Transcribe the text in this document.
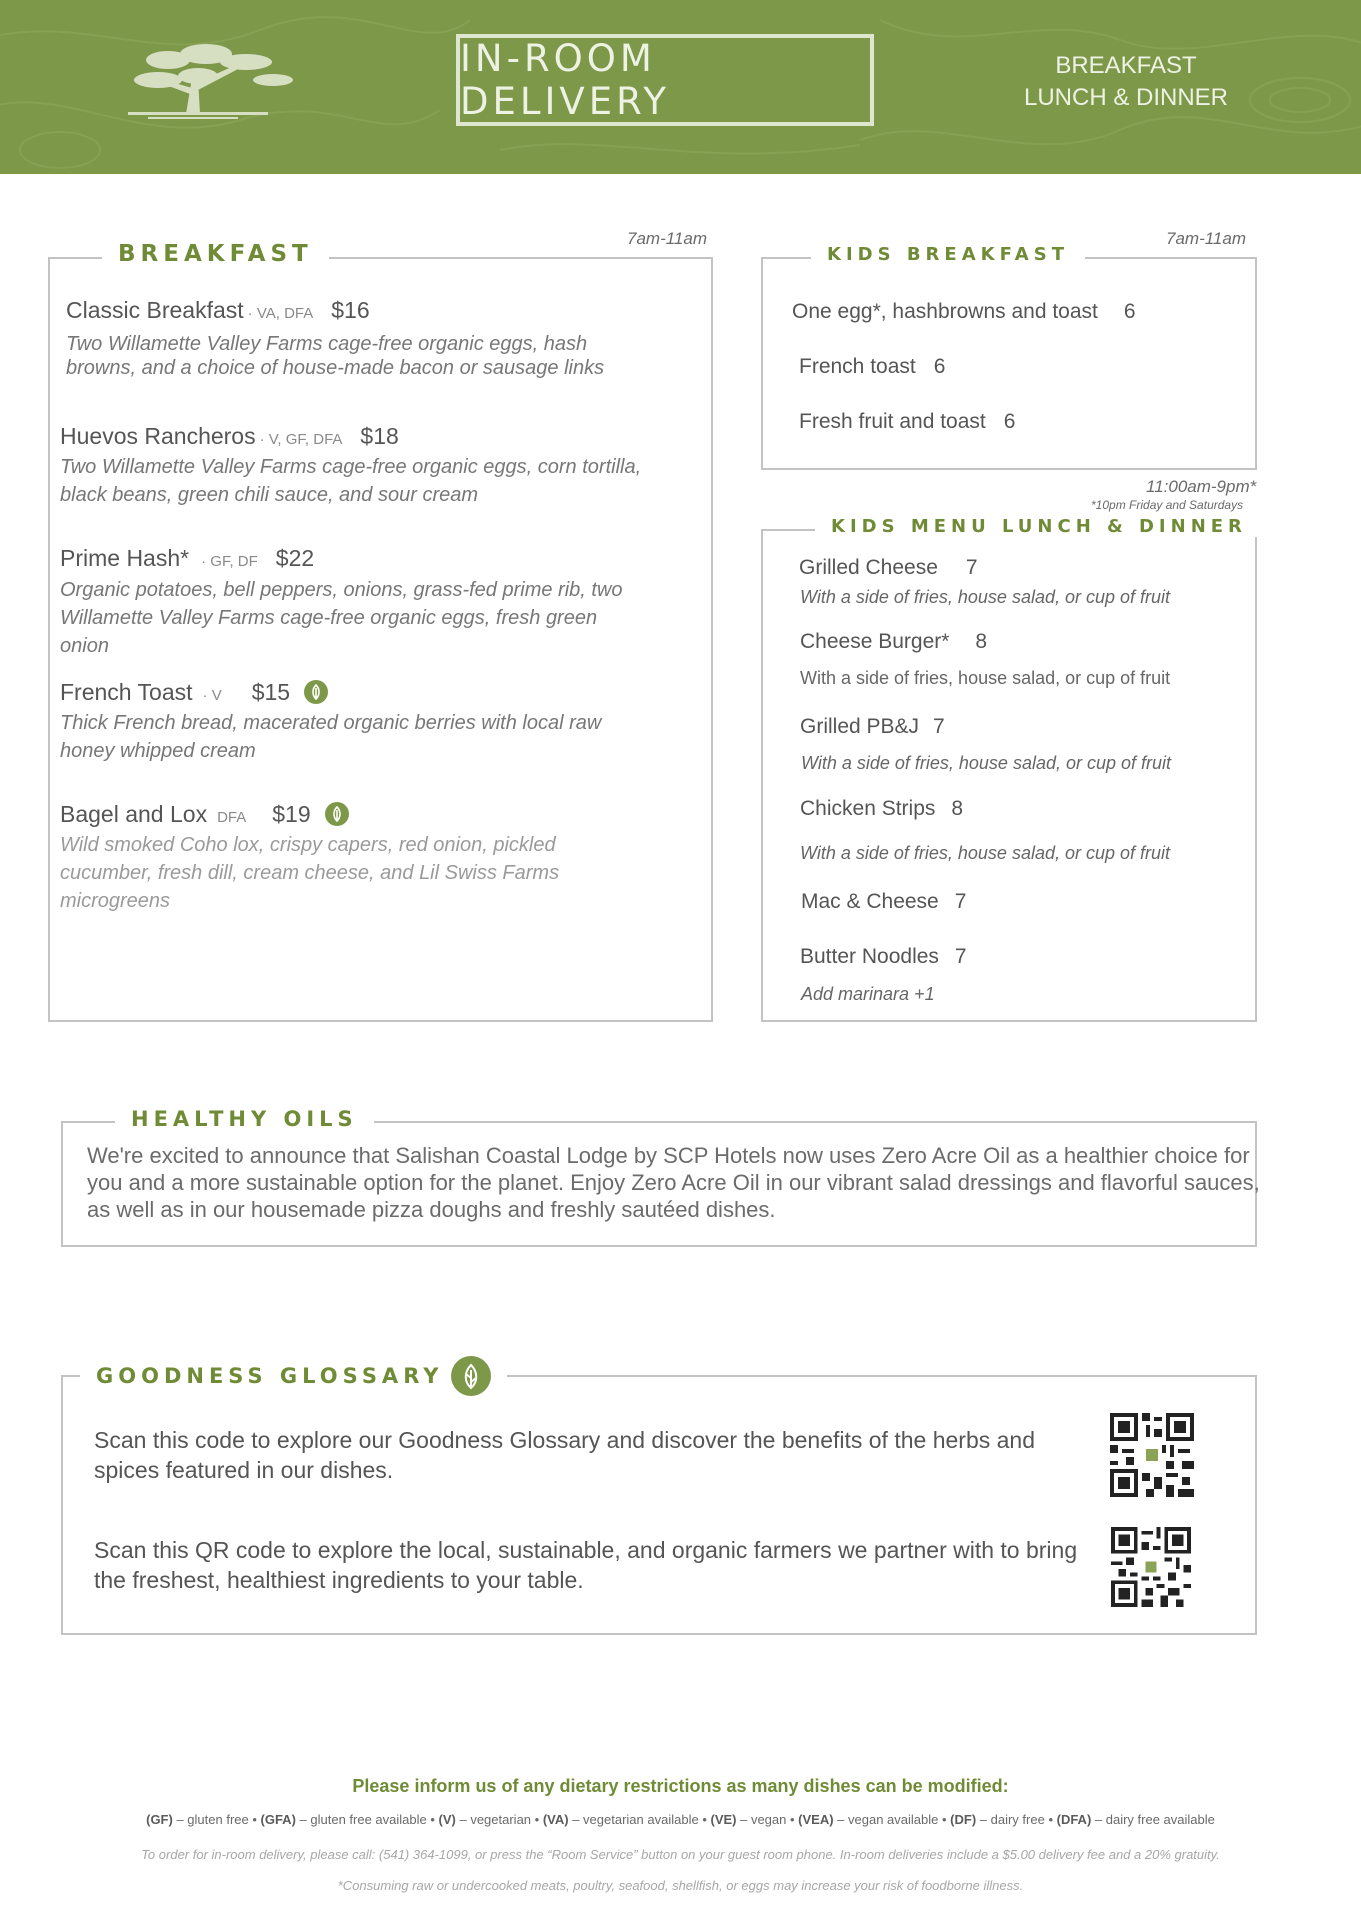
IN-ROOM DELIVERY
BREAKFAST
LUNCH & DINNER
7am-11am
BREAKFAST
Classic Breakfast · VA, DFA $16
Two Willamette Valley Farms cage-free organic eggs, hash browns, and a choice of house-made bacon or sausage links
Huevos Rancheros · V, GF, DFA $18
Two Willamette Valley Farms cage-free organic eggs, corn tortilla, black beans, green chili sauce, and sour cream
Prime Hash* · GF, DF $22
Organic potatoes, bell peppers, onions, grass-fed prime rib, two Willamette Valley Farms cage-free organic eggs, fresh green onion
French Toast · V $15
Thick French bread, macerated organic berries with local raw honey whipped cream
Bagel and Lox DFA $19
Wild smoked Coho lox, crispy capers, red onion, pickled cucumber, fresh dill, cream cheese, and Lil Swiss Farms microgreens
7am-11am
KIDS BREAKFAST
One egg*, hashbrowns and toast 6
French toast 6
Fresh fruit and toast 6
11:00am-9pm*
*10pm Friday and Saturdays
KIDS MENU LUNCH & DINNER
Grilled Cheese 7
With a side of fries, house salad, or cup of fruit
Cheese Burger* 8
With a side of fries, house salad, or cup of fruit
Grilled PB&J 7
With a side of fries, house salad, or cup of fruit
Chicken Strips 8
With a side of fries, house salad, or cup of fruit
Mac & Cheese 7
Butter Noodles 7
Add marinara +1
HEALTHY OILS
We're excited to announce that Salishan Coastal Lodge by SCP Hotels now uses Zero Acre Oil as a healthier choice for you and a more sustainable option for the planet. Enjoy Zero Acre Oil in our vibrant salad dressings and flavorful sauces, as well as in our housemade pizza doughs and freshly sautéed dishes.
GOODNESS GLOSSARY
Scan this code to explore our Goodness Glossary and discover the benefits of the herbs and spices featured in our dishes.
Scan this QR code to explore the local, sustainable, and organic farmers we partner with to bring the freshest, healthiest ingredients to your table.
Please inform us of any dietary restrictions as many dishes can be modified:
(GF) – gluten free • (GFA) – gluten free available • (V) – vegetarian • (VA) – vegetarian available • (VE) – vegan • (VEA) – vegan available • (DF) – dairy free • (DFA) – dairy free available
To order for in-room delivery, please call: (541) 364-1099, or press the “Room Service” button on your guest room phone. In-room deliveries include a $5.00 delivery fee and a 20% gratuity.
*Consuming raw or undercooked meats, poultry, seafood, shellfish, or eggs may increase your risk of foodborne illness.
